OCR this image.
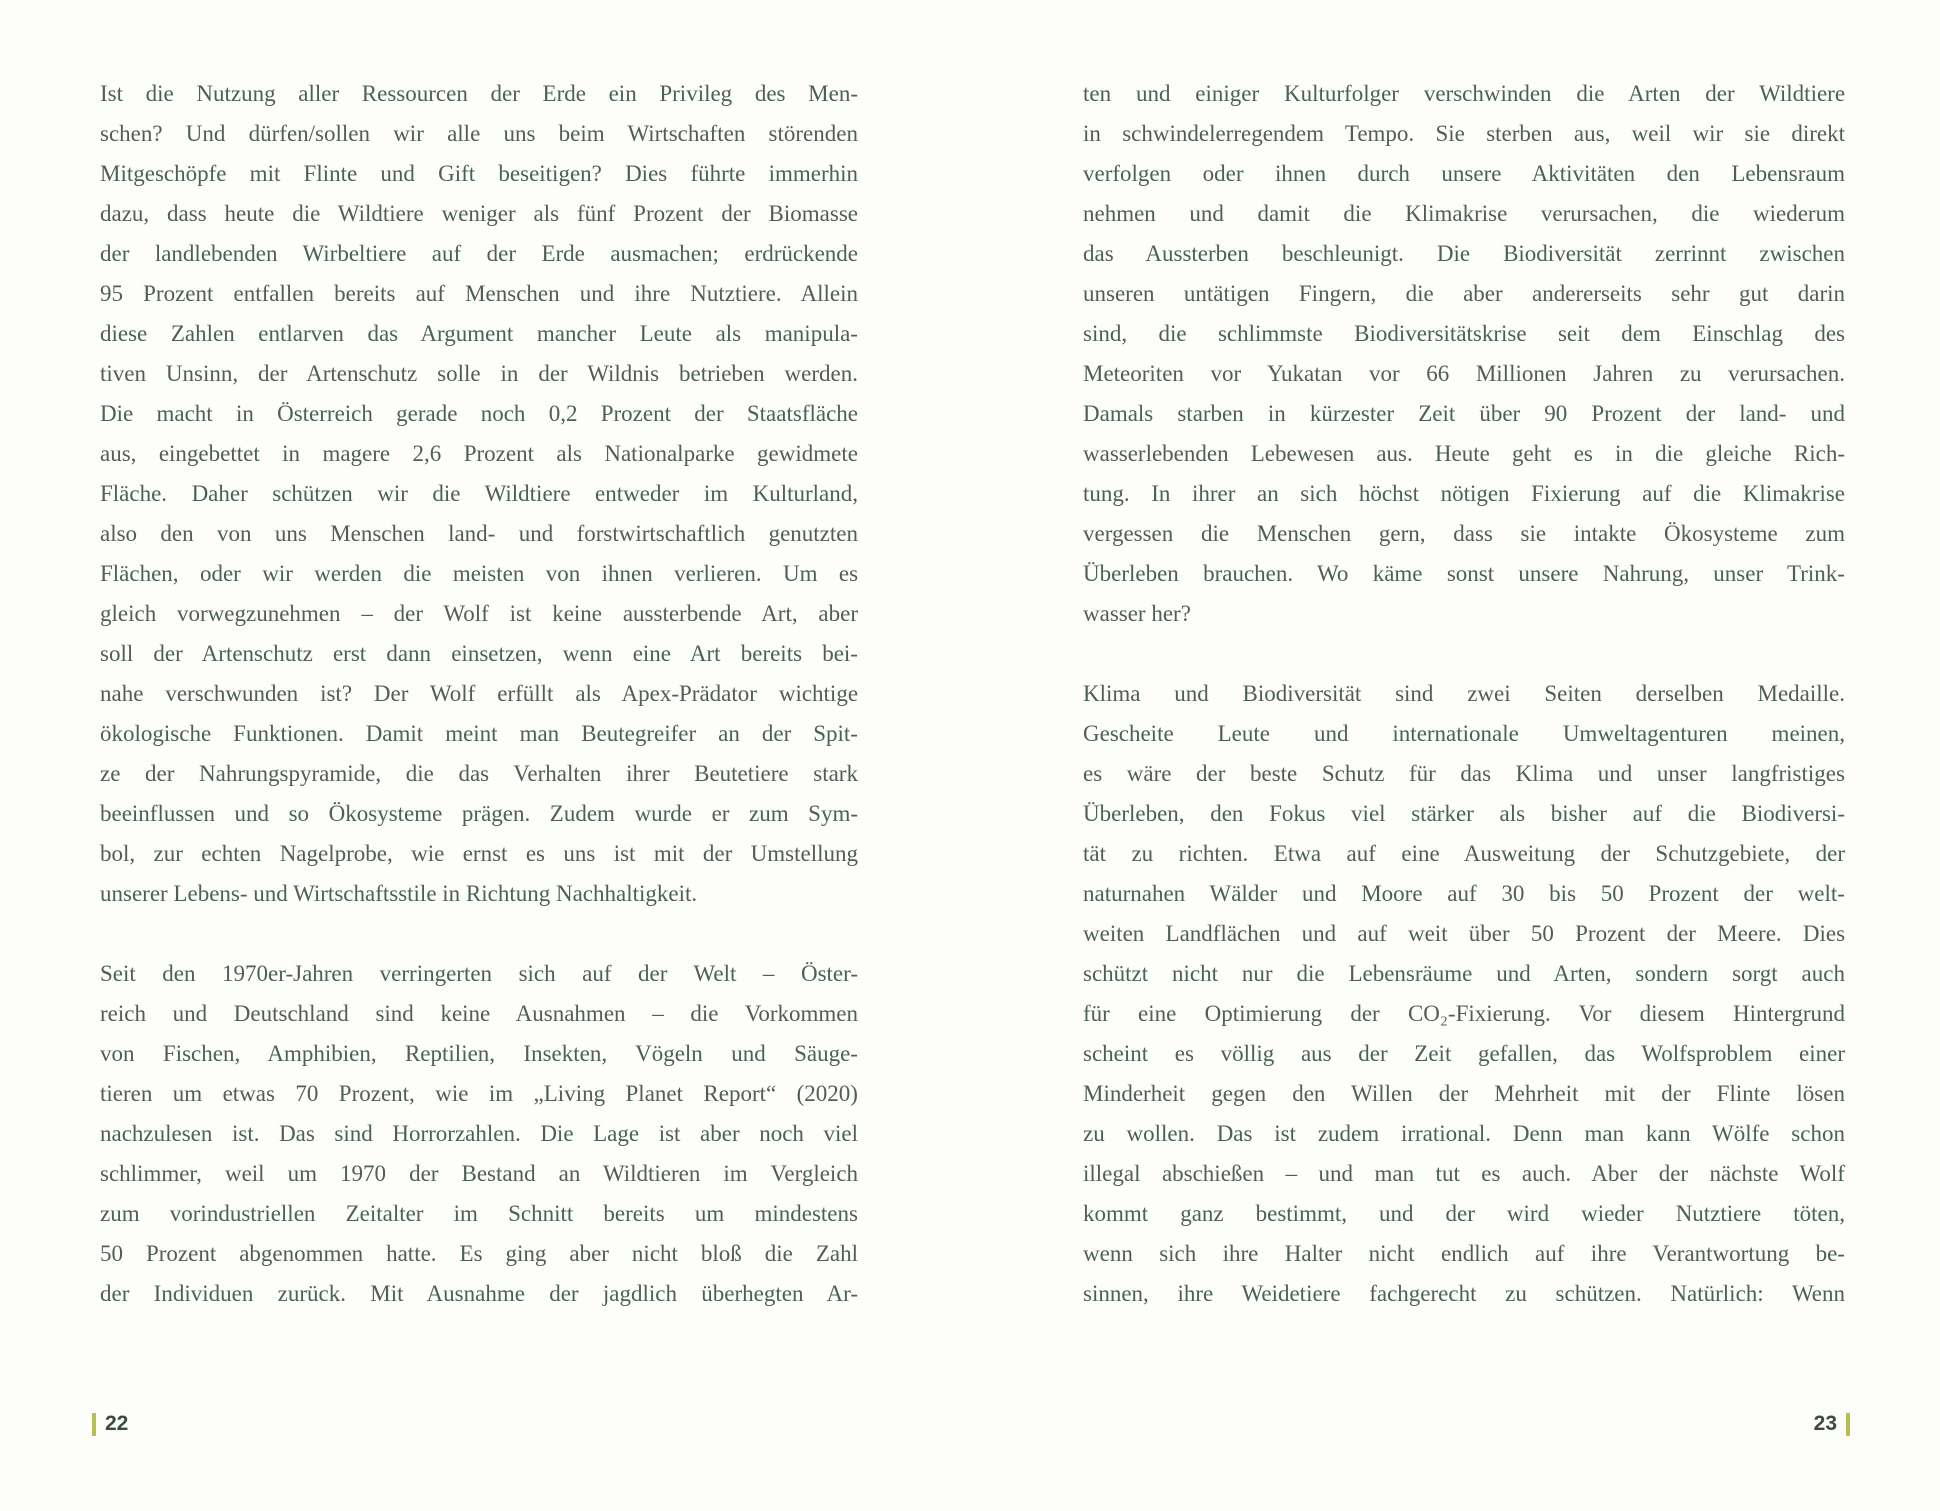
Ist die Nutzung aller Ressourcen der Erde ein Privileg des Men-
schen? Und dürfen/sollen wir alle uns beim Wirtschaften störenden
Mitgeschöpfe mit Flinte und Gift beseitigen? Dies führte immerhin
dazu, dass heute die Wildtiere weniger als fünf Prozent der Biomasse
der landlebenden Wirbeltiere auf der Erde ausmachen; erdrückende
95 Prozent entfallen bereits auf Menschen und ihre Nutztiere. Allein
diese Zahlen entlarven das Argument mancher Leute als manipula-
tiven Unsinn, der Artenschutz solle in der Wildnis betrieben werden.
Die macht in Österreich gerade noch 0,2 Prozent der Staatsfläche
aus, eingebettet in magere 2,6 Prozent als Nationalparke gewidmete
Fläche. Daher schützen wir die Wildtiere entweder im Kulturland,
also den von uns Menschen land- und forstwirtschaftlich genutzten
Flächen, oder wir werden die meisten von ihnen verlieren. Um es
gleich vorwegzunehmen – der Wolf ist keine aussterbende Art, aber
soll der Artenschutz erst dann einsetzen, wenn eine Art bereits bei-
nahe verschwunden ist? Der Wolf erfüllt als Apex-Prädator wichtige
ökologische Funktionen. Damit meint man Beutegreifer an der Spit-
ze der Nahrungspyramide, die das Verhalten ihrer Beutetiere stark
beeinflussen und so Ökosysteme prägen. Zudem wurde er zum Sym-
bol, zur echten Nagelprobe, wie ernst es uns ist mit der Umstellung
unserer Lebens- und Wirtschaftsstile in Richtung Nachhaltigkeit.
Seit den 1970er-Jahren verringerten sich auf der Welt – Öster-
reich und Deutschland sind keine Ausnahmen – die Vorkommen
von Fischen, Amphibien, Reptilien, Insekten, Vögeln und Säuge-
tieren um etwas 70 Prozent, wie im „Living Planet Report“ (2020)
nachzulesen ist. Das sind Horrorzahlen. Die Lage ist aber noch viel
schlimmer, weil um 1970 der Bestand an Wildtieren im Vergleich
zum vorindustriellen Zeitalter im Schnitt bereits um mindestens
50 Prozent abgenommen hatte. Es ging aber nicht bloß die Zahl
der Individuen zurück. Mit Ausnahme der jagdlich überhegten Ar-
22
ten und einiger Kulturfolger verschwinden die Arten der Wildtiere
in schwindelerregendem Tempo. Sie sterben aus, weil wir sie direkt
verfolgen oder ihnen durch unsere Aktivitäten den Lebensraum
nehmen und damit die Klimakrise verursachen, die wiederum
das Aussterben beschleunigt. Die Biodiversität zerrinnt zwischen
unseren untätigen Fingern, die aber andererseits sehr gut darin
sind, die schlimmste Biodiversitätskrise seit dem Einschlag des
Meteoriten vor Yukatan vor 66 Millionen Jahren zu verursachen.
Damals starben in kürzester Zeit über 90 Prozent der land- und
wasserlebenden Lebewesen aus. Heute geht es in die gleiche Rich-
tung. In ihrer an sich höchst nötigen Fixierung auf die Klimakrise
vergessen die Menschen gern, dass sie intakte Ökosysteme zum
Überleben brauchen. Wo käme sonst unsere Nahrung, unser Trink-
wasser her?
Klima und Biodiversität sind zwei Seiten derselben Medaille.
Gescheite Leute und internationale Umweltagenturen meinen,
es wäre der beste Schutz für das Klima und unser langfristiges
Überleben, den Fokus viel stärker als bisher auf die Biodiversi-
tät zu richten. Etwa auf eine Ausweitung der Schutzgebiete, der
naturnahen Wälder und Moore auf 30 bis 50 Prozent der welt-
weiten Landflächen und auf weit über 50 Prozent der Meere. Dies
schützt nicht nur die Lebensräume und Arten, sondern sorgt auch
für eine Optimierung der CO₂-Fixierung. Vor diesem Hintergrund
scheint es völlig aus der Zeit gefallen, das Wolfsproblem einer
Minderheit gegen den Willen der Mehrheit mit der Flinte lösen
zu wollen. Das ist zudem irrational. Denn man kann Wölfe schon
illegal abschießen – und man tut es auch. Aber der nächste Wolf
kommt ganz bestimmt, und der wird wieder Nutztiere töten,
wenn sich ihre Halter nicht endlich auf ihre Verantwortung be-
sinnen, ihre Weidetiere fachgerecht zu schützen. Natürlich: Wenn
23
